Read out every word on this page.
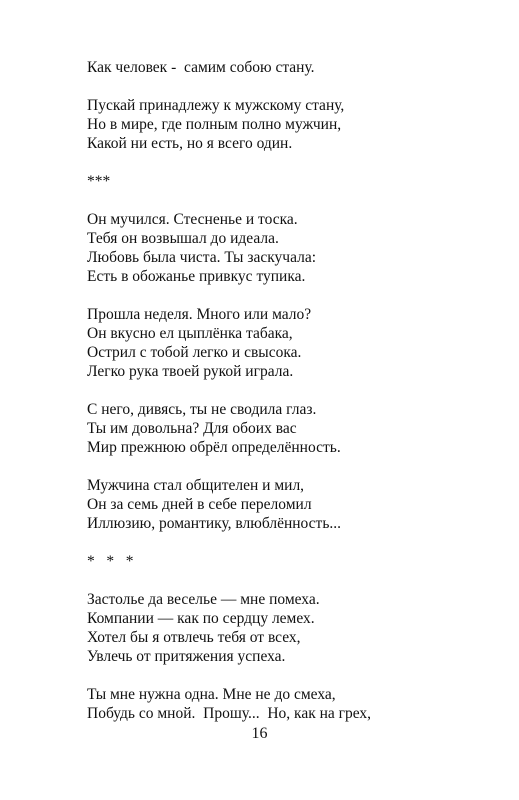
Как человек -  самим собою стану.
Пускай принадлежу к мужскому стану,
Но в мире, где полным полно мужчин,
Какой ни есть, но я всего один.
***
Он мучился. Стесненье и тоска.
Тебя он возвышал до идеала.
Любовь была чиста. Ты заскучала:
Есть в обожанье привкус тупика.
Прошла неделя. Много или мало?
Он вкусно ел цыплёнка табака,
Острил с тобой легко и свысока.
Легко рука твоей рукой играла.
С него, дивясь, ты не сводила глаз.
Ты им довольна? Для обоих вас
Мир прежнюю обрёл определённость.
Мужчина стал общителен и мил,
Он за семь дней в себе переломил
Иллюзию, романтику, влюблённость...
*   *   *
Застолье да веселье — мне помеха.
Компании — как по сердцу лемех.
Хотел бы я отвлечь тебя от всех,
Увлечь от притяжения успеха.
Ты мне нужна одна. Мне не до смеха,
Побудь со мной.  Прошу...  Но, как на грех,
16
